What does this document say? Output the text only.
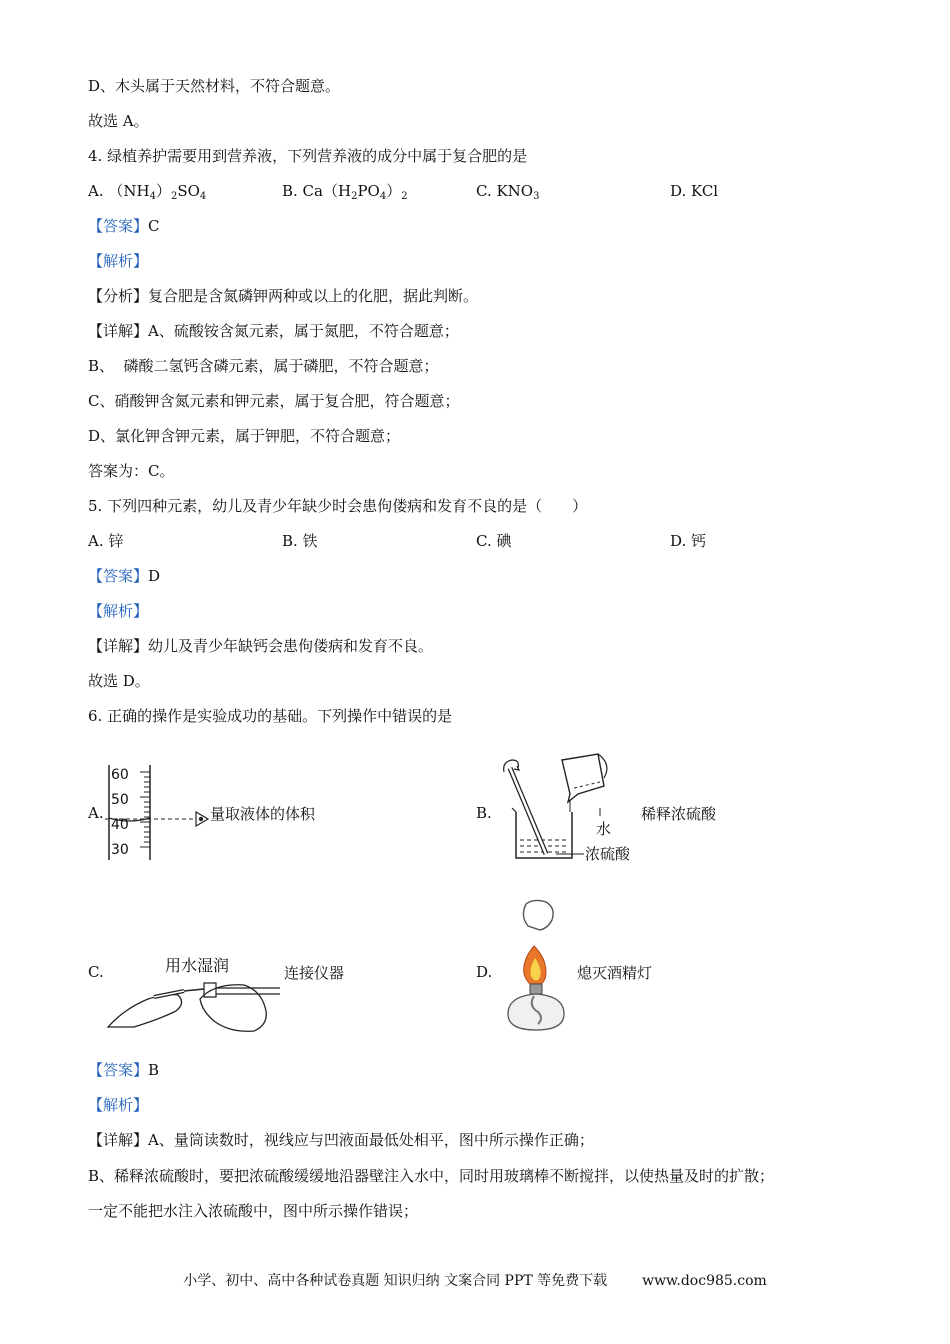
D、木头属于天然材料，不符合题意。
故选 A。
4. 绿植养护需要用到营养液，下列营养液的成分中属于复合肥的是
A. $(NH_4)_2SO_4$	B. $Ca(H_2PO_4)_2$	C. $KNO_3$	D. KCl
【答案】C
【解析】
【分析】复合肥是含氮磷钾两种或以上的化肥，据此判断。
【详解】A、硫酸铵含氮元素，属于氮肥，不符合题意；
B、  磷酸二氢钙含磷元素，属于磷肥，不符合题意；
C、硝酸钾含氮元素和钾元素，属于复合肥，符合题意；
D、氯化钾含钾元素，属于钾肥，不符合题意；
答案为：C。
5. 下列四种元素，幼儿及青少年缺少时会患佝偻病和发育不良的是（　　）
A. 锌	B. 铁	C. 碘	D. 钙
【答案】D
【解析】
【详解】幼儿及青少年缺钙会患佝偻病和发育不良。
故选 D。
6. 正确的操作是实验成功的基础。下列操作中错误的是
A.
60
50
40
30
量取液体的体积	B.
水
浓硫酸
稀释浓硫酸
C.	用水湿润	连接仪器	D.	熄灭酒精灯
【答案】B
【解析】
【详解】A、量筒读数时，视线应与凹液面最低处相平，图中所示操作正确；
B、稀释浓硫酸时，要把浓硫酸缓缓地沿器壁注入水中，同时用玻璃棒不断搅拌，以使热量及时的扩散；
一定不能把水注入浓硫酸中，图中所示操作错误；
小学、初中、高中各种试卷真题 知识归纳 文案合同 PPT 等免费下载 www.doc985.com
